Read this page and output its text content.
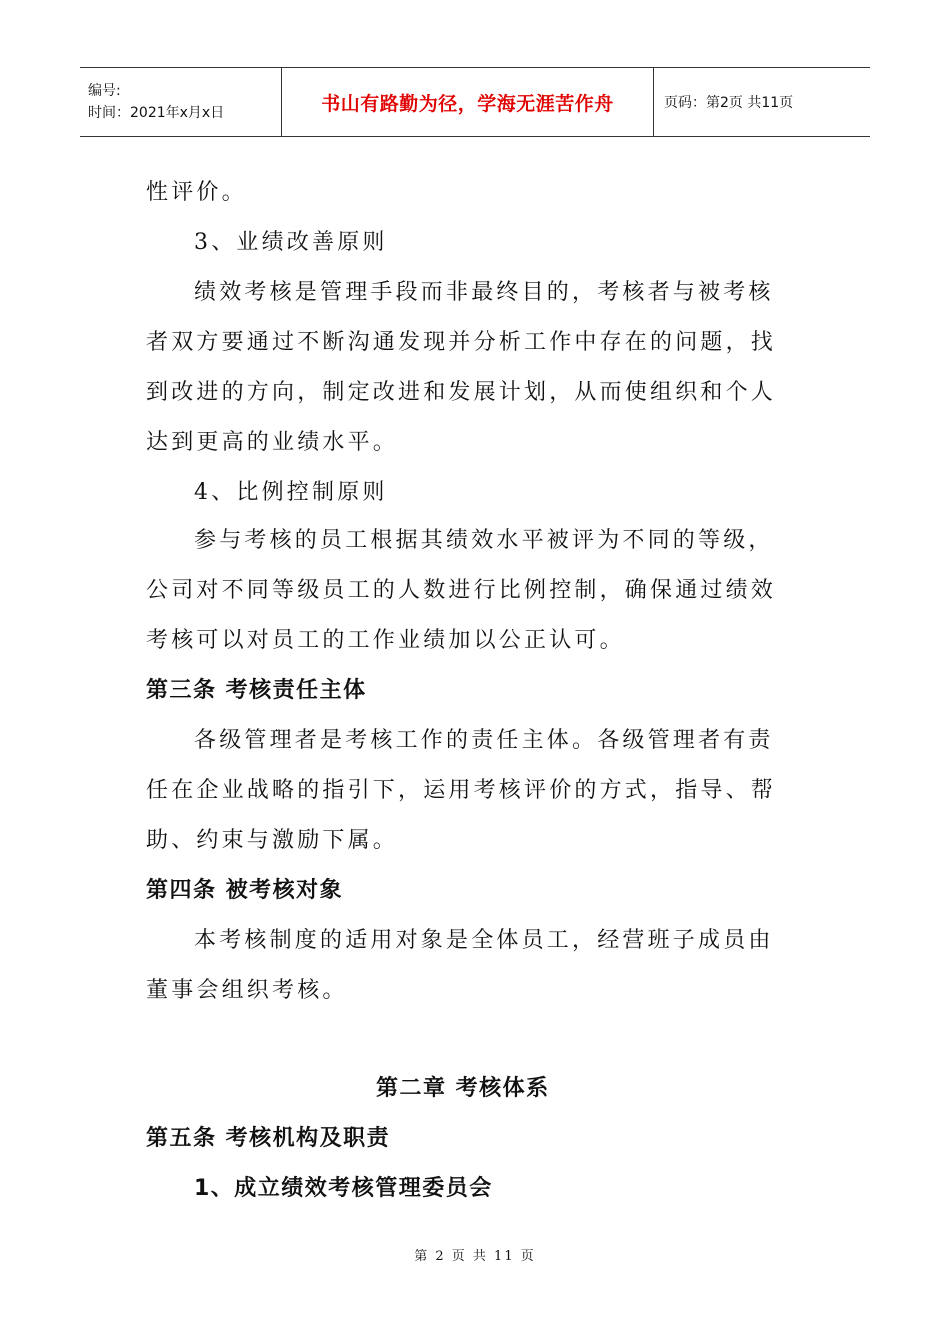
编号:
时间：2021年x月x日	书山有路勤为径，学海无涯苦作舟	页码：第2页 共11页
性评价。
3、业绩改善原则
绩效考核是管理手段而非最终目的，考核者与被考核
者双方要通过不断沟通发现并分析工作中存在的问题，找
到改进的方向，制定改进和发展计划，从而使组织和个人
达到更高的业绩水平。
4、比例控制原则
参与考核的员工根据其绩效水平被评为不同的等级，
公司对不同等级员工的人数进行比例控制，确保通过绩效
考核可以对员工的工作业绩加以公正认可。
第三条 考核责任主体
各级管理者是考核工作的责任主体。各级管理者有责
任在企业战略的指引下，运用考核评价的方式，指导、帮
助、约束与激励下属。
第四条 被考核对象
本考核制度的适用对象是全体员工，经营班子成员由
董事会组织考核。
第二章 考核体系
第五条 考核机构及职责
1、成立绩效考核管理委员会
第 2 页 共 11 页
